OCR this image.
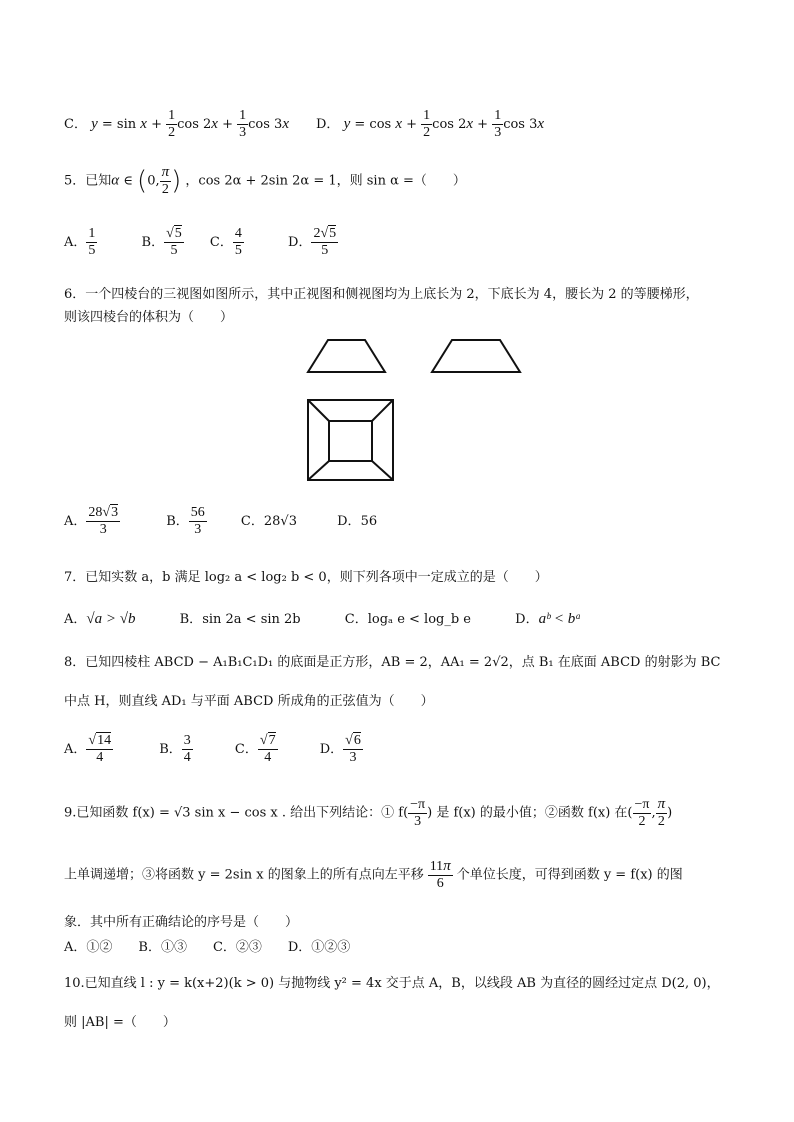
C． $y = \sin x + \frac{1}{2}$ $\cos 2x + \frac{1}{3}$ cos 3x D． $y = \cos x + \frac{1}{2}$ $\cos 2x + \frac{1}{3}$ cos 3x
5．已知α ∈ (0, $\frac{\pi}{2}$ ) ，cos 2α + 2sin 2α = 1，则 sin α =（　　）
A． $\frac{1}{5}$	B． $\frac{√5}{5}$ C． $\frac{4}{5}$	D． $\frac{2√5}{5}$
6．一个四棱台的三视图如图所示，其中正视图和侧视图均为上底长为 2，下底长为 4，腰长为 2 的等腰梯形，
则该四棱台的体积为（　　）
A． $\frac{28√3}{3}$	B． $\frac{56}{3}$	C．28√3	D．56
7．已知实数 a，b 满足 log₂ a < log₂ b < 0，则下列各项中一定成立的是（　　）
A．√a > √b	B．sin 2a < sin 2b	C．logₐ e < log_b e	D．aᵇ < bᵃ
8．已知四棱柱 ABCD − A₁B₁C₁D₁ 的底面是正方形，AB = 2，AA₁ = 2√2，点 B₁ 在底面 ABCD 的射影为 BC
中点 H，则直线 AD₁ 与平面 ABCD 所成角的正弦值为（　　）
A． $\frac{√14}{4}$	B． $\frac{3}{4}$	C． $\frac{√7}{4}$	D． $\frac{√6}{3}$
9.已知函数 f(x) = √3 sin x − cos x . 给出下列结论：① $f( \frac{-\pi}{3}$ ) 是 f(x) 的最小值；②函数 f(x) 在( $\frac{-\pi}{2}$ , $\frac{\pi}{2}$ )
上单调递增；③将函数 y = 2sin x 的图象上的所有点向左平移 $\frac{11\pi}{6}$ 个单位长度，可得到函数 y = f(x) 的图
象．其中所有正确结论的序号是（　　）
A．①②　　B．①③　　C．②③　　D．①②③
10.已知直线 l : y = k(x+2)(k > 0) 与抛物线 y² = 4x 交于点 A，B，以线段 AB 为直径的圆经过定点 D(2, 0)，
则 |AB| =（　　）
